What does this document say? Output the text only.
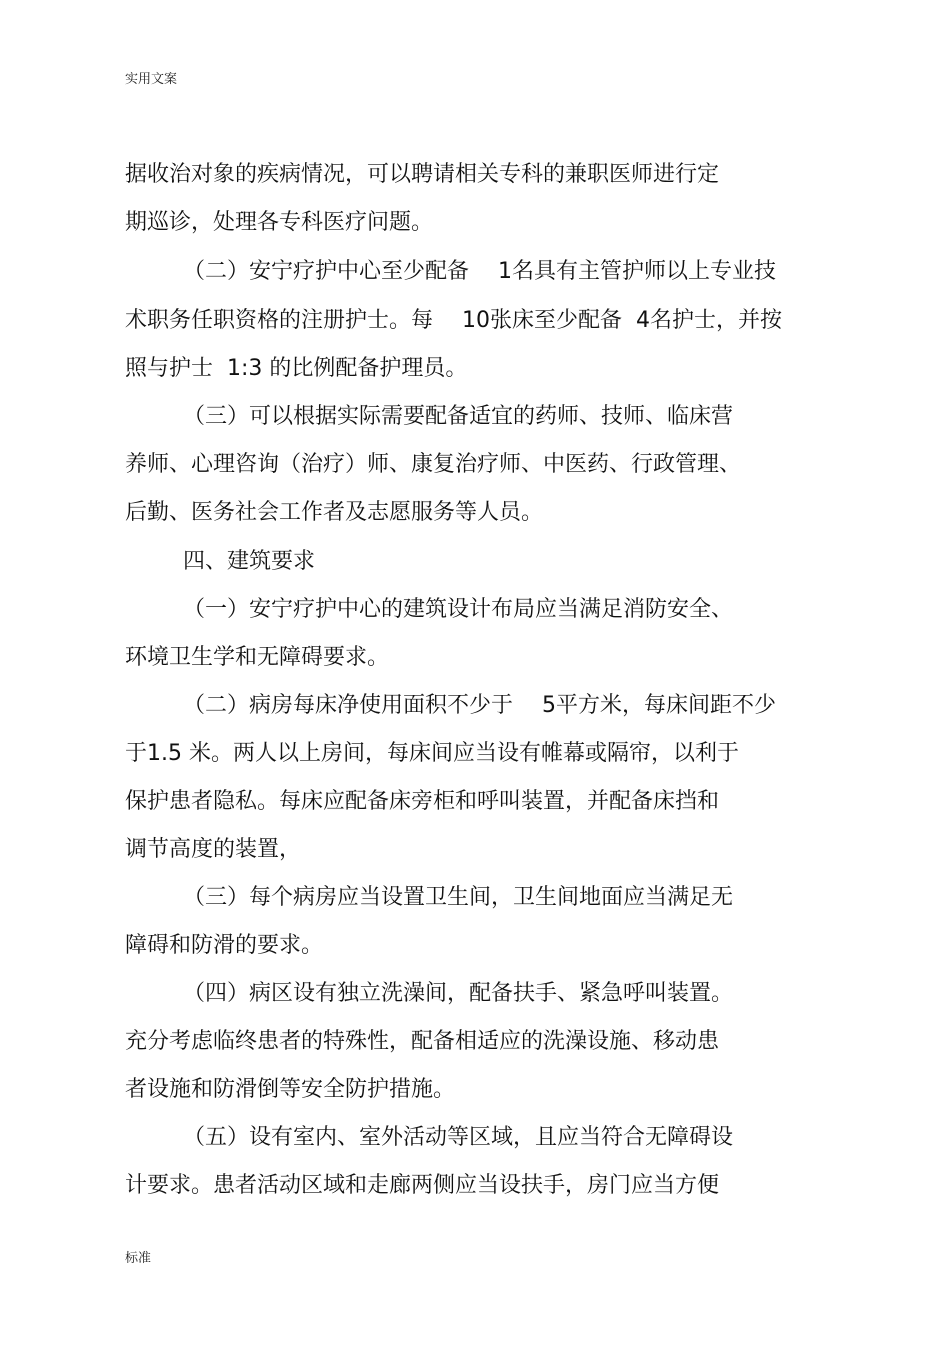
实用文案
据收治对象的疾病情况，可以聘请相关专科的兼职医师进行定
期巡诊，处理各专科医疗问题。
（二）安宁疗护中心至少配备　 1名具有主管护师以上专业技
术职务任职资格的注册护士。每　 10张床至少配备  4名护士，并按
照与护士  1:3 的比例配备护理员。
（三）可以根据实际需要配备适宜的药师、技师、临床营
养师、心理咨询（治疗）师、康复治疗师、中医药、行政管理、
后勤、医务社会工作者及志愿服务等人员。
四、建筑要求
（一）安宁疗护中心的建筑设计布局应当满足消防安全、
环境卫生学和无障碍要求。
（二）病房每床净使用面积不少于　 5平方米，每床间距不少
于1.5 米。两人以上房间，每床间应当设有帷幕或隔帘，以利于
保护患者隐私。每床应配备床旁柜和呼叫装置，并配备床挡和
调节高度的装置，
（三）每个病房应当设置卫生间，卫生间地面应当满足无
障碍和防滑的要求。
（四）病区设有独立洗澡间，配备扶手、紧急呼叫装置。
充分考虑临终患者的特殊性，配备相适应的洗澡设施、移动患
者设施和防滑倒等安全防护措施。
（五）设有室内、室外活动等区域，且应当符合无障碍设
计要求。患者活动区域和走廊两侧应当设扶手，房门应当方便
标准
